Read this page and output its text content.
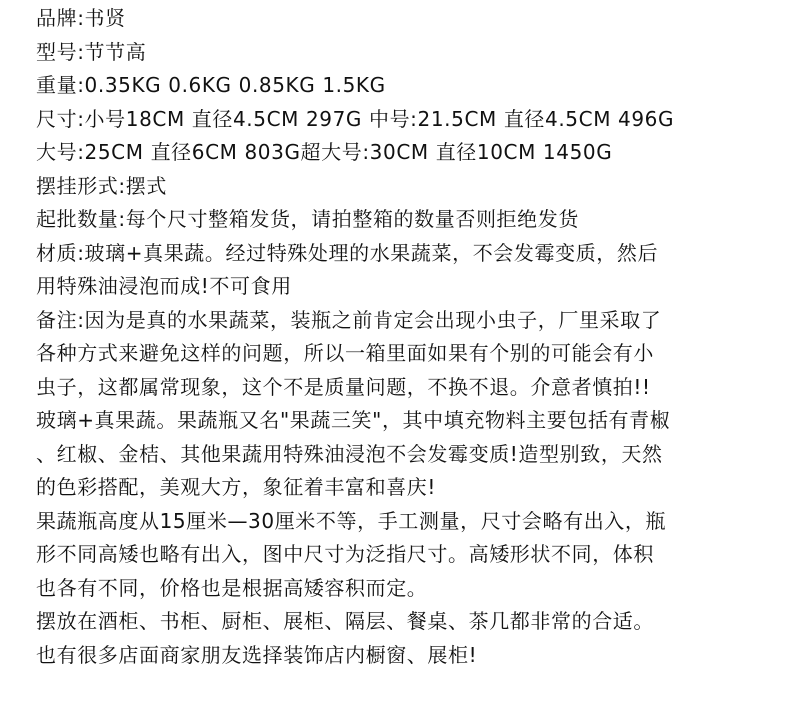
品牌:书贤
型号:节节高
重量:0.35KG 0.6KG 0.85KG 1.5KG
尺寸:小号18CM 直径4.5CM 297G 中号:21.5CM 直径4.5CM 496G
大号:25CM 直径6CM 803G超大号:30CM 直径10CM 1450G
摆挂形式:摆式
起批数量:每个尺寸整箱发货，请拍整箱的数量否则拒绝发货
材质:玻璃+真果蔬。经过特殊处理的水果蔬菜，不会发霉变质，然后
用特殊油浸泡而成!不可食用
备注:因为是真的水果蔬菜，装瓶之前肯定会出现小虫子，厂里采取了
各种方式来避免这样的问题，所以一箱里面如果有个别的可能会有小
虫子，这都属常现象，这个不是质量问题，不换不退。介意者慎拍!!
玻璃+真果蔬。果蔬瓶又名"果蔬三笑"，其中填充物料主要包括有青椒
、红椒、金桔、其他果蔬用特殊油浸泡不会发霉变质!造型别致，天然
的色彩搭配，美观大方，象征着丰富和喜庆!
果蔬瓶高度从15厘米—30厘米不等，手工测量，尺寸会略有出入，瓶
形不同高矮也略有出入，图中尺寸为泛指尺寸。高矮形状不同，体积
也各有不同，价格也是根据高矮容积而定。
摆放在酒柜、书柜、厨柜、展柜、隔层、餐桌、茶几都非常的合适。
也有很多店面商家朋友选择装饰店内橱窗、展柜!
